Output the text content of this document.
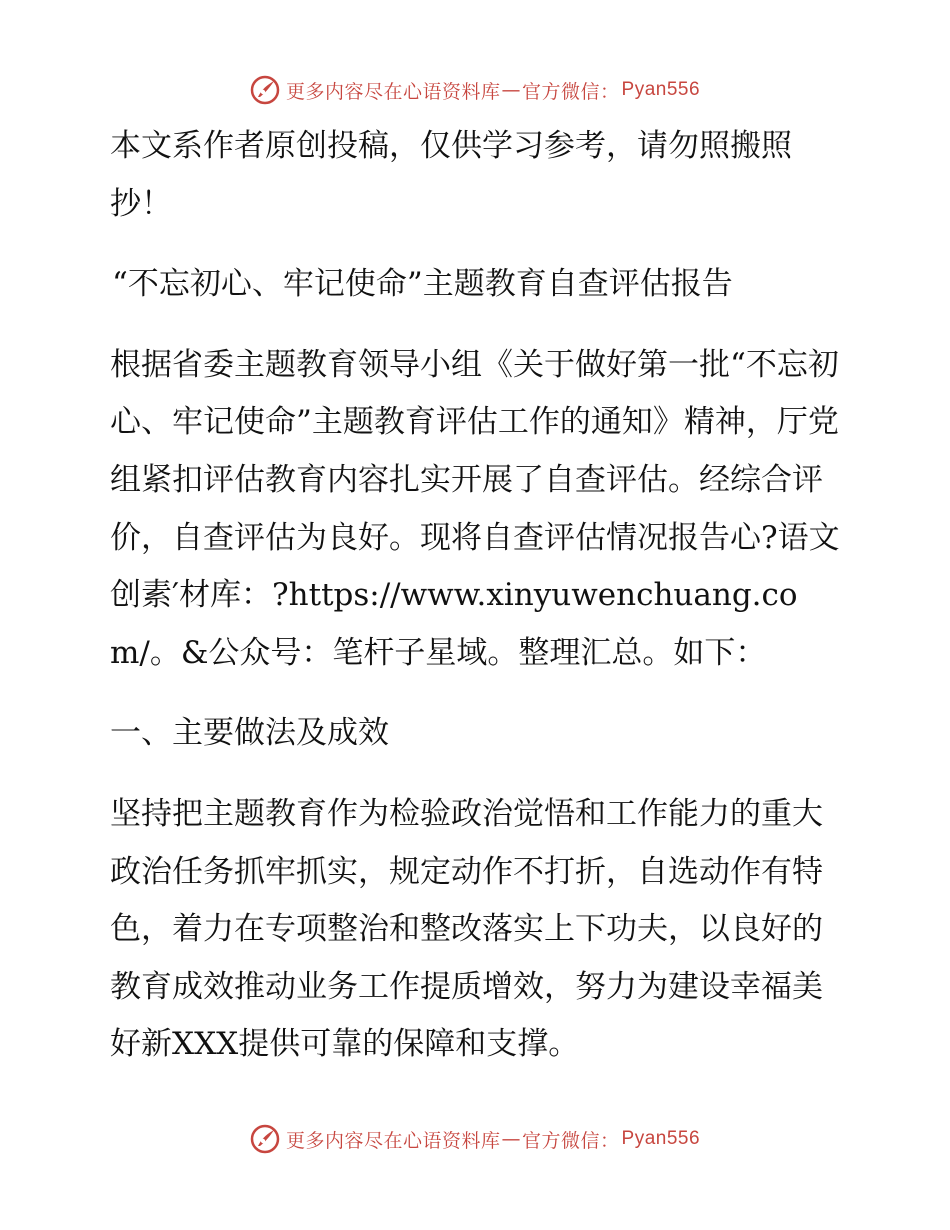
更多内容尽在心语资料库 — 官方微信 ： Pyan556

本文系作者原创投稿，仅供学习参考，请勿照搬照抄！

“不忘初心、牢记使命”主题教育自查评估报告

根据省委主题教育领导小组《关于做好第一批“不忘初心、牢记使命”主题教育评估工作的通知》精神，厅党组紧扣评估教育内容扎实开展了自查评估。经综合评价，自查评估为良好。现将自查评估情况报告心?语文创素′材库：?https://www.xinyuwenchuang.com/。&公众号：笔杆子星域。整理汇总。如下：

一、主要做法及成效

坚持把主题教育作为检验政治觉悟和工作能力的重大政治任务抓牢抓实，规定动作不打折，自选动作有特色，着力在专项整治和整改落实上下功夫，以良好的教育成效推动业务工作提质增效，努力为建设幸福美好新XXX提供可靠的保障和支撑。

更多内容尽在心语资料库 — 官方微信 ： Pyan556
